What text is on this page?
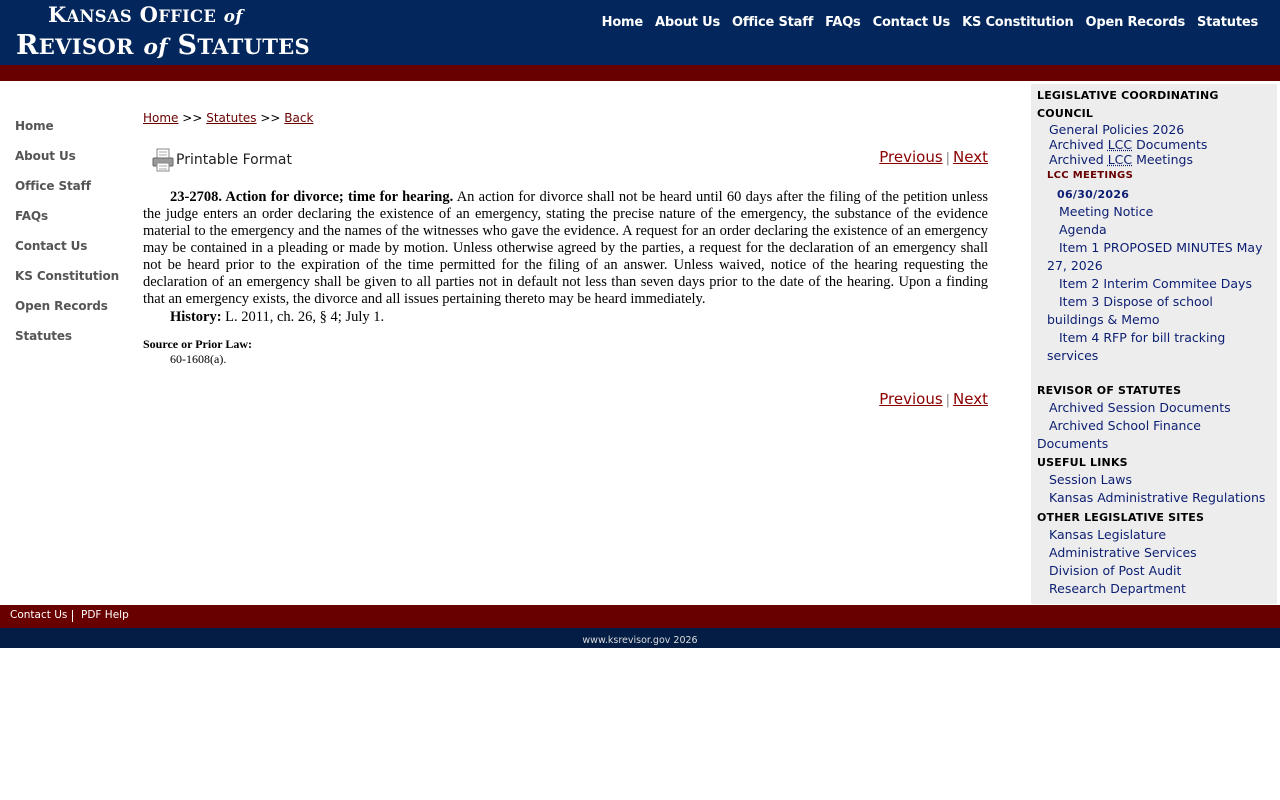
KANSAS OFFICE of
REVISOR of STATUTES
Home About Us Office Staff FAQs Contact Us KS Constitution Open Records Statutes
Home
About Us
Office Staff
FAQs
Contact Us
KS Constitution
Open Records
Statutes
Home >> Statutes >> Back
Printable Format	Previous | Next

23-2708. Action for divorce; time for hearing. An action for divorce shall not be heard until 60 days after the filing of the petition unless the judge enters an order declaring the existence of an emergency, stating the precise nature of the emergency, the substance of the evidence material to the emergency and the names of the witnesses who gave the evidence. A request for an order declaring the existence of an emergency may be contained in a pleading or made by motion. Unless otherwise agreed by the parties, a request for the declaration of an emergency shall not be heard prior to the expiration of the time permitted for the filing of an answer. Unless waived, notice of the hearing requesting the declaration of an emergency shall be given to all parties not in default not less than seven days prior to the date of the hearing. Upon a finding that an emergency exists, the divorce and all issues pertaining thereto may be heard immediately.

History: L. 2011, ch. 26, § 4; July 1.
Source or Prior Law:
60-1608(a).
Previous | Next
LEGISLATIVE COORDINATING
COUNCIL
General Policies 2026
Archived LCC Documents
Archived LCC Meetings
LCC MEETINGS
06/30/2026
Meeting Notice
Agenda
Item 1 PROPOSED MINUTES May
27, 2026
Item 2 Interim Commitee Days
Item 3 Dispose of school
buildings & Memo
Item 4 RFP for bill tracking
services
REVISOR OF STATUTES
Archived Session Documents
Archived School Finance
Documents
USEFUL LINKS
Session Laws
Kansas Administrative Regulations
OTHER LEGISLATIVE SITES
Kansas Legislature
Administrative Services
Division of Post Audit
Research Department
Contact Us PDF Help
www.ksrevisor.gov 2026
